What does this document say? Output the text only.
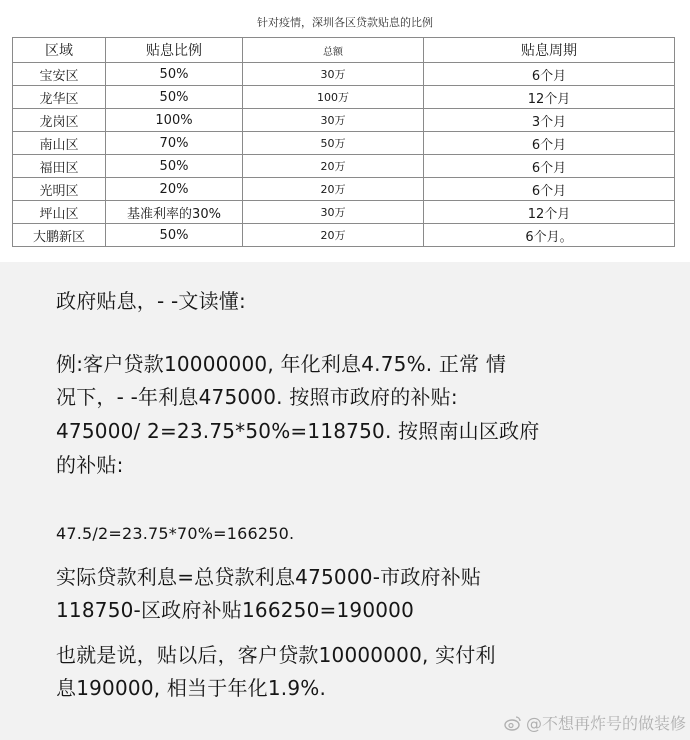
针对疫情，深圳各区贷款贴息的比例
区域	贴息比例	总额	贴息周期
宝安区	50%	30万	6个月
龙华区	50%	100万	12个月
龙岗区	100%	30万	3个月
南山区	70%	50万	6个月
福田区	50%	20万	6个月
光明区	20%	20万	6个月
坪山区	基准利率的30%	30万	12个月
大鹏新区	50%	20万	6个月。

政府贴息，- -文读懂:

例:客户贷款10000000, 年化利息4.75%. 正常 情

况下，- -年利息475000. 按照市政府的补贴:

475000/ 2=23.75*50%=118750. 按照南山区政府

的补贴:

47.5/2=23.75*70%=166250.

实际贷款利息=总贷款利息475000-市政府补贴

118750-区政府补贴166250=190000

也就是说，贴以后，客户贷款10000000, 实付利

息190000, 相当于年化1.9%.

@不想再炸号的做装修
